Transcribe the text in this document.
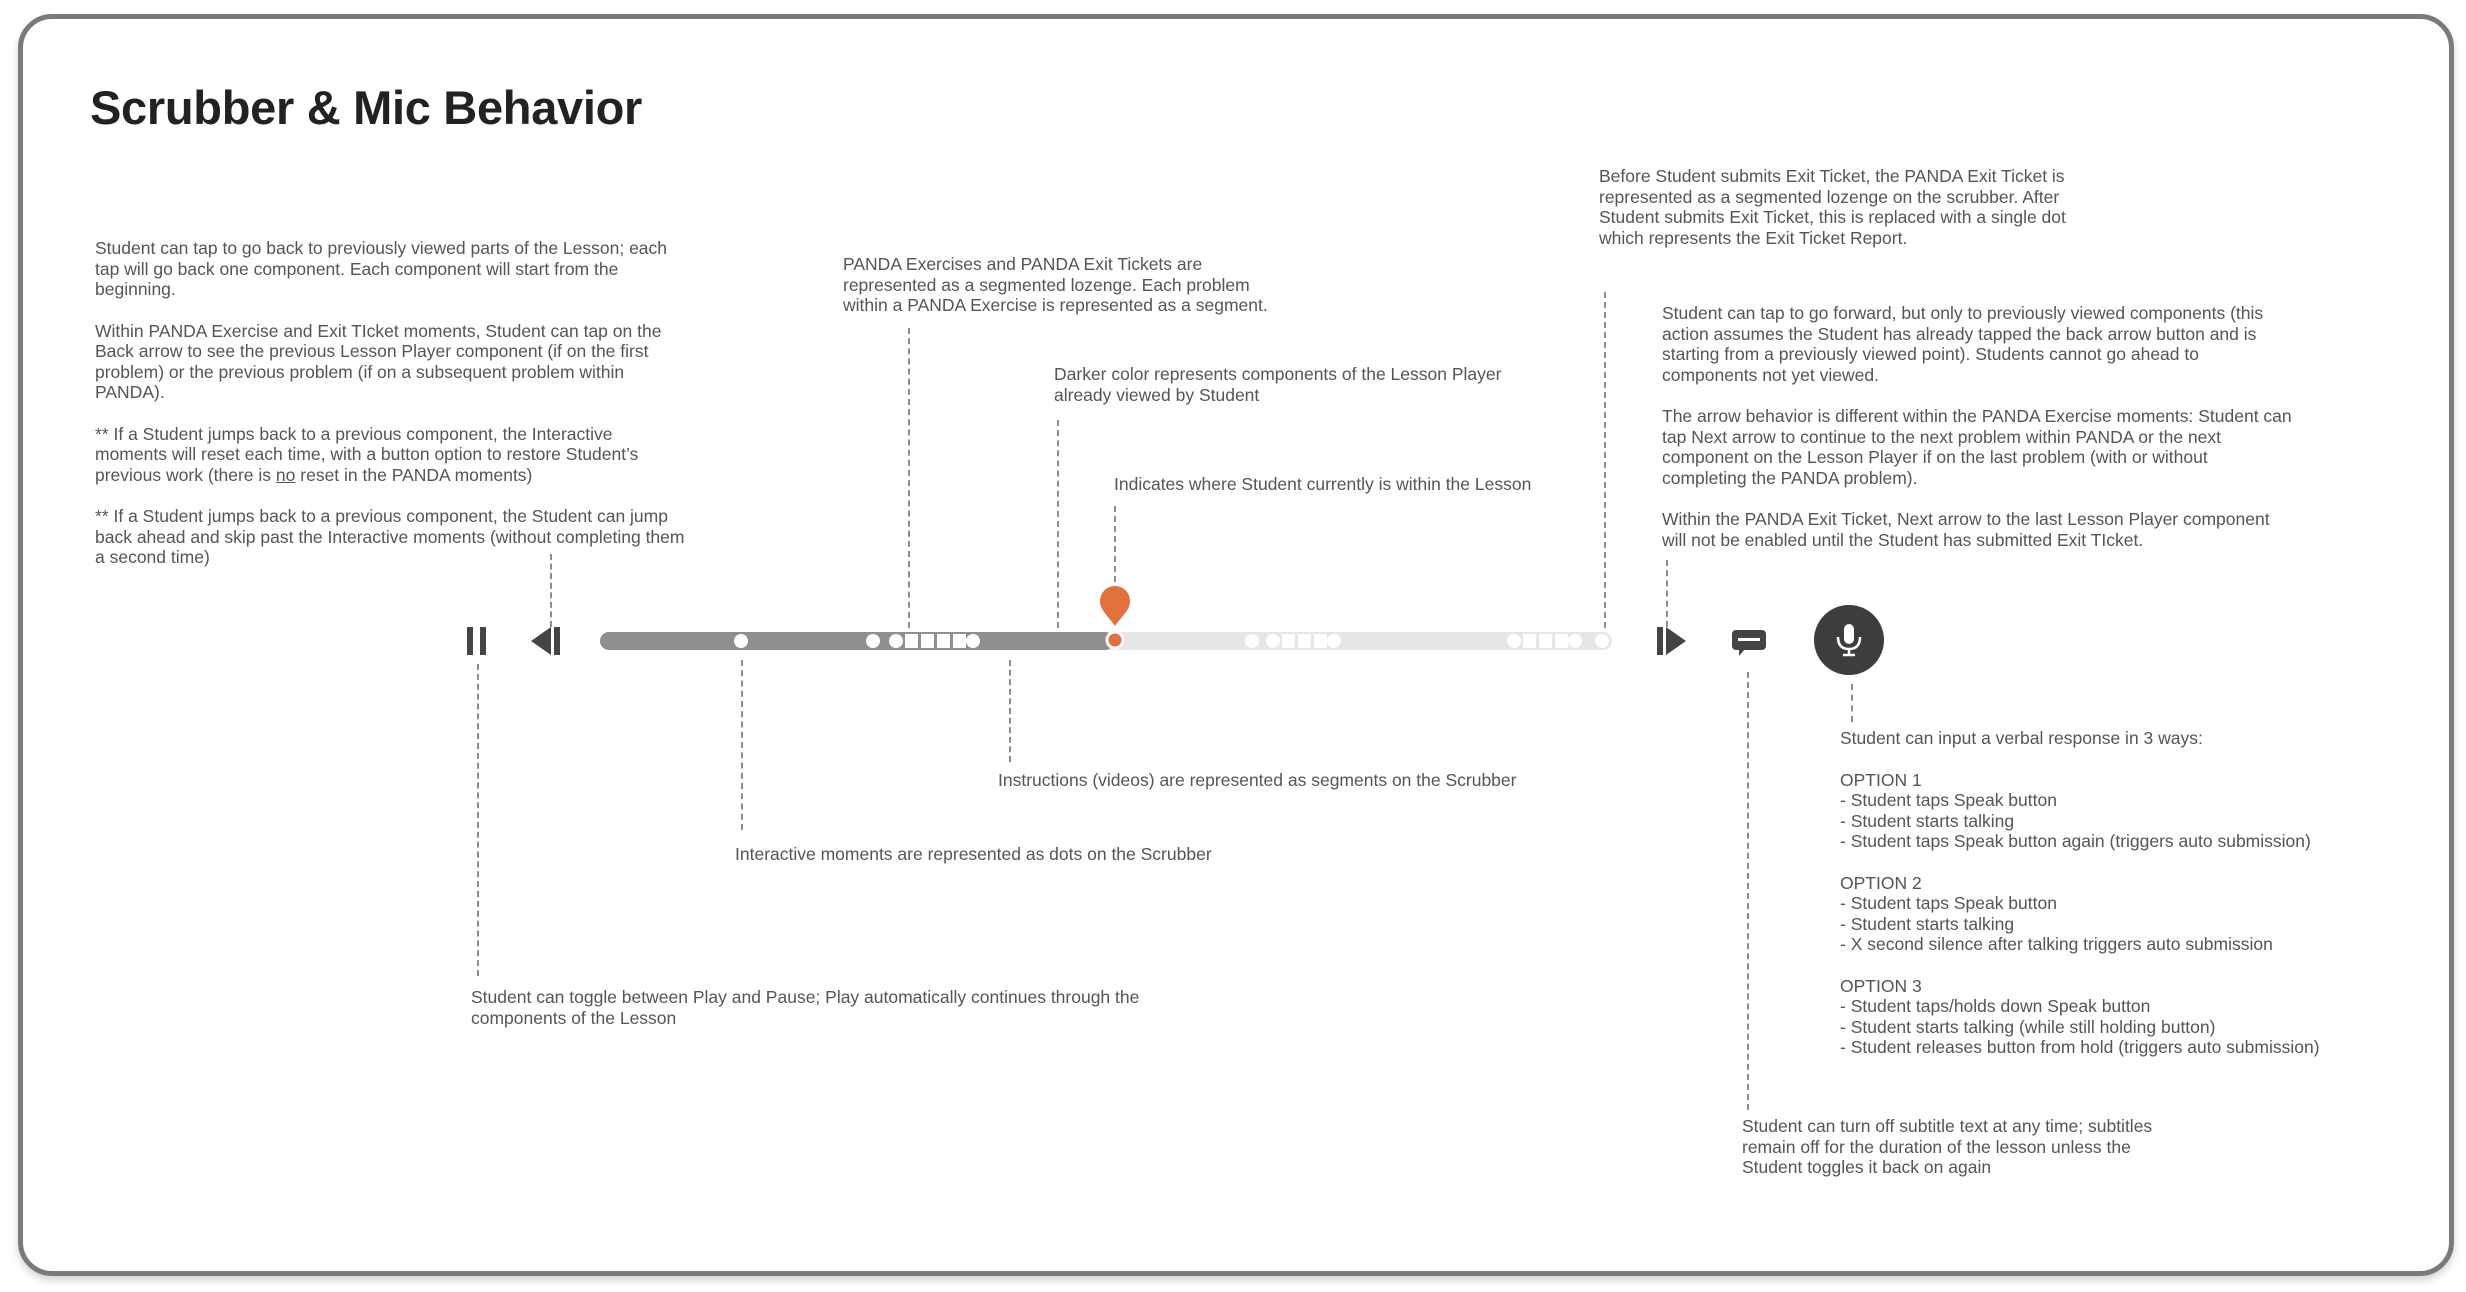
Scrubber & Mic Behavior

Student can tap to go back to previously viewed parts of the Lesson; each tap will go back one component. Each component will start from the beginning.

Within PANDA Exercise and Exit TIcket moments, Student can tap on the Back arrow to see the previous Lesson Player component (if on the first problem) or the previous problem (if on a subsequent problem within PANDA).

** If a Student jumps back to a previous component, the Interactive moments will reset each time, with a button option to restore Student’s previous work (there is no reset in the PANDA moments)

** If a Student jumps back to a previous component, the Student can jump back ahead and skip past the Interactive moments (without completing them a second time)

PANDA Exercises and PANDA Exit Tickets are represented as a segmented lozenge. Each problem within a PANDA Exercise is represented as a segment.
Darker color represents components of the Lesson Player already viewed by Student
Indicates where Student currently is within the Lesson
Before Student submits Exit Ticket, the PANDA Exit Ticket is represented as a segmented lozenge on the scrubber. After Student submits Exit Ticket, this is replaced with a single dot which represents the Exit Ticket Report.

Student can tap to go forward, but only to previously viewed components (this action assumes the Student has already tapped the back arrow button and is starting from a previously viewed point). Students cannot go ahead to components not yet viewed.

The arrow behavior is different within the PANDA Exercise moments: Student can tap Next arrow to continue to the next problem within PANDA or the next component on the Lesson Player if on the last problem (with or without completing the PANDA problem).

Within the PANDA Exit Ticket, Next arrow to the last Lesson Player component will not be enabled until the Student has submitted Exit TIcket.

Instructions (videos) are represented as segments on the Scrubber
Interactive moments are represented as dots on the Scrubber
Student can toggle between Play and Pause; Play automatically continues through the components of the Lesson

Student can input a verbal response in 3 ways:

OPTION 1
- Student taps Speak button
- Student starts talking
- Student taps Speak button again (triggers auto submission)

OPTION 2
- Student taps Speak button
- Student starts talking
- X second silence after talking triggers auto submission

OPTION 3
- Student taps/holds down Speak button
- Student starts talking (while still holding button)
- Student releases button from hold (triggers auto submission)

Student can turn off subtitle text at any time; subtitles remain off for the duration of the lesson unless the Student toggles it back on again
